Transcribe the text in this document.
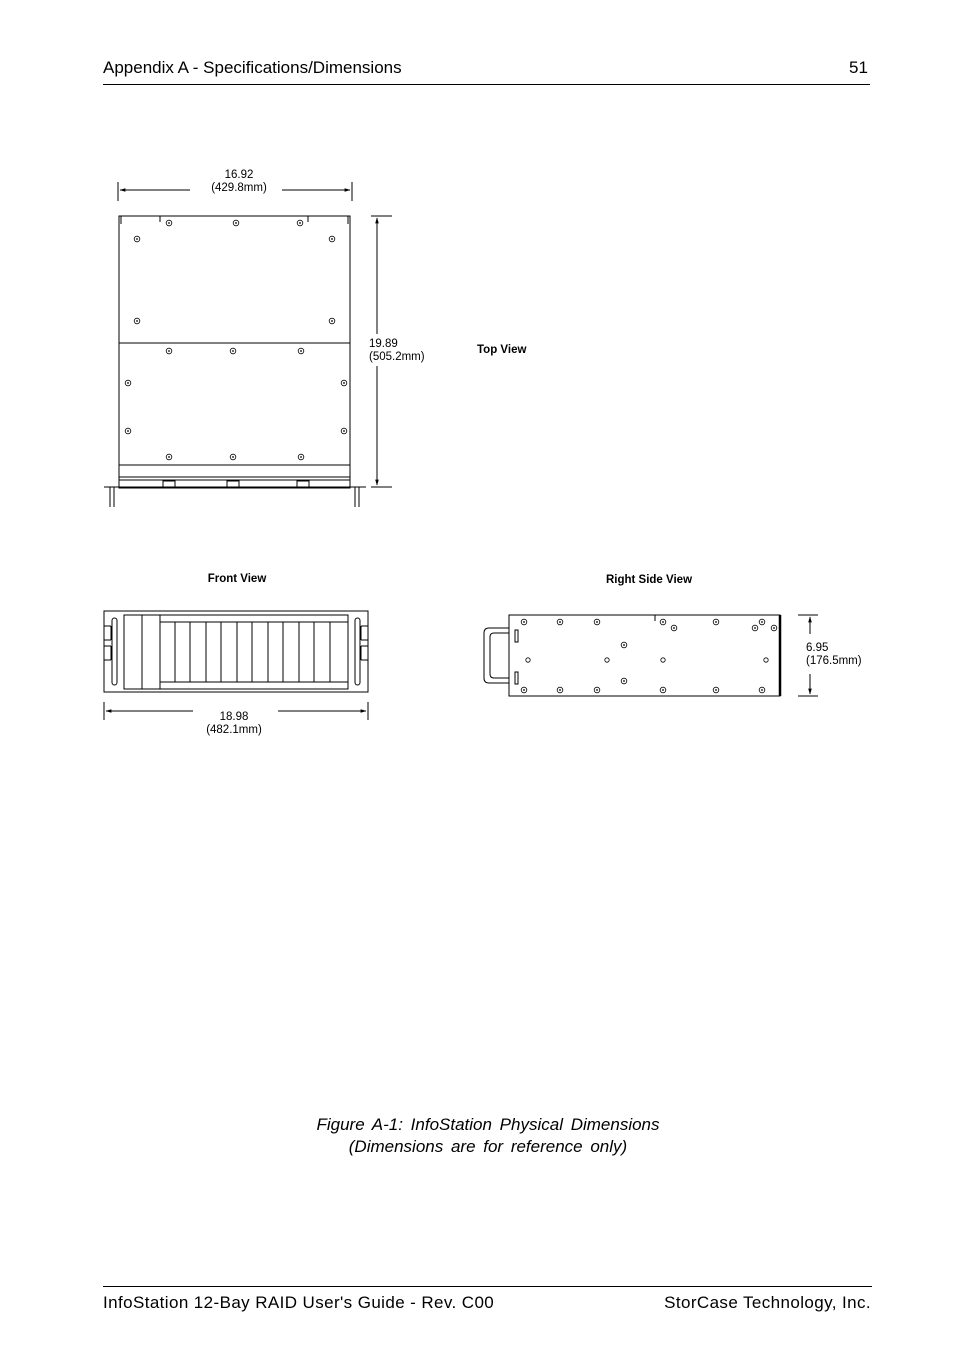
Appendix A - Specifications/Dimensions	51
16.92
(429.8mm)
19.89
(505.2mm)
Top View
Front View
18.98
(482.1mm)
Right Side View
6.95
(176.5mm)
Figure A-1: InfoStation Physical Dimensions
(Dimensions are for reference only)
InfoStation 12-Bay RAID User's Guide - Rev. C00	StorCase Technology, Inc.
